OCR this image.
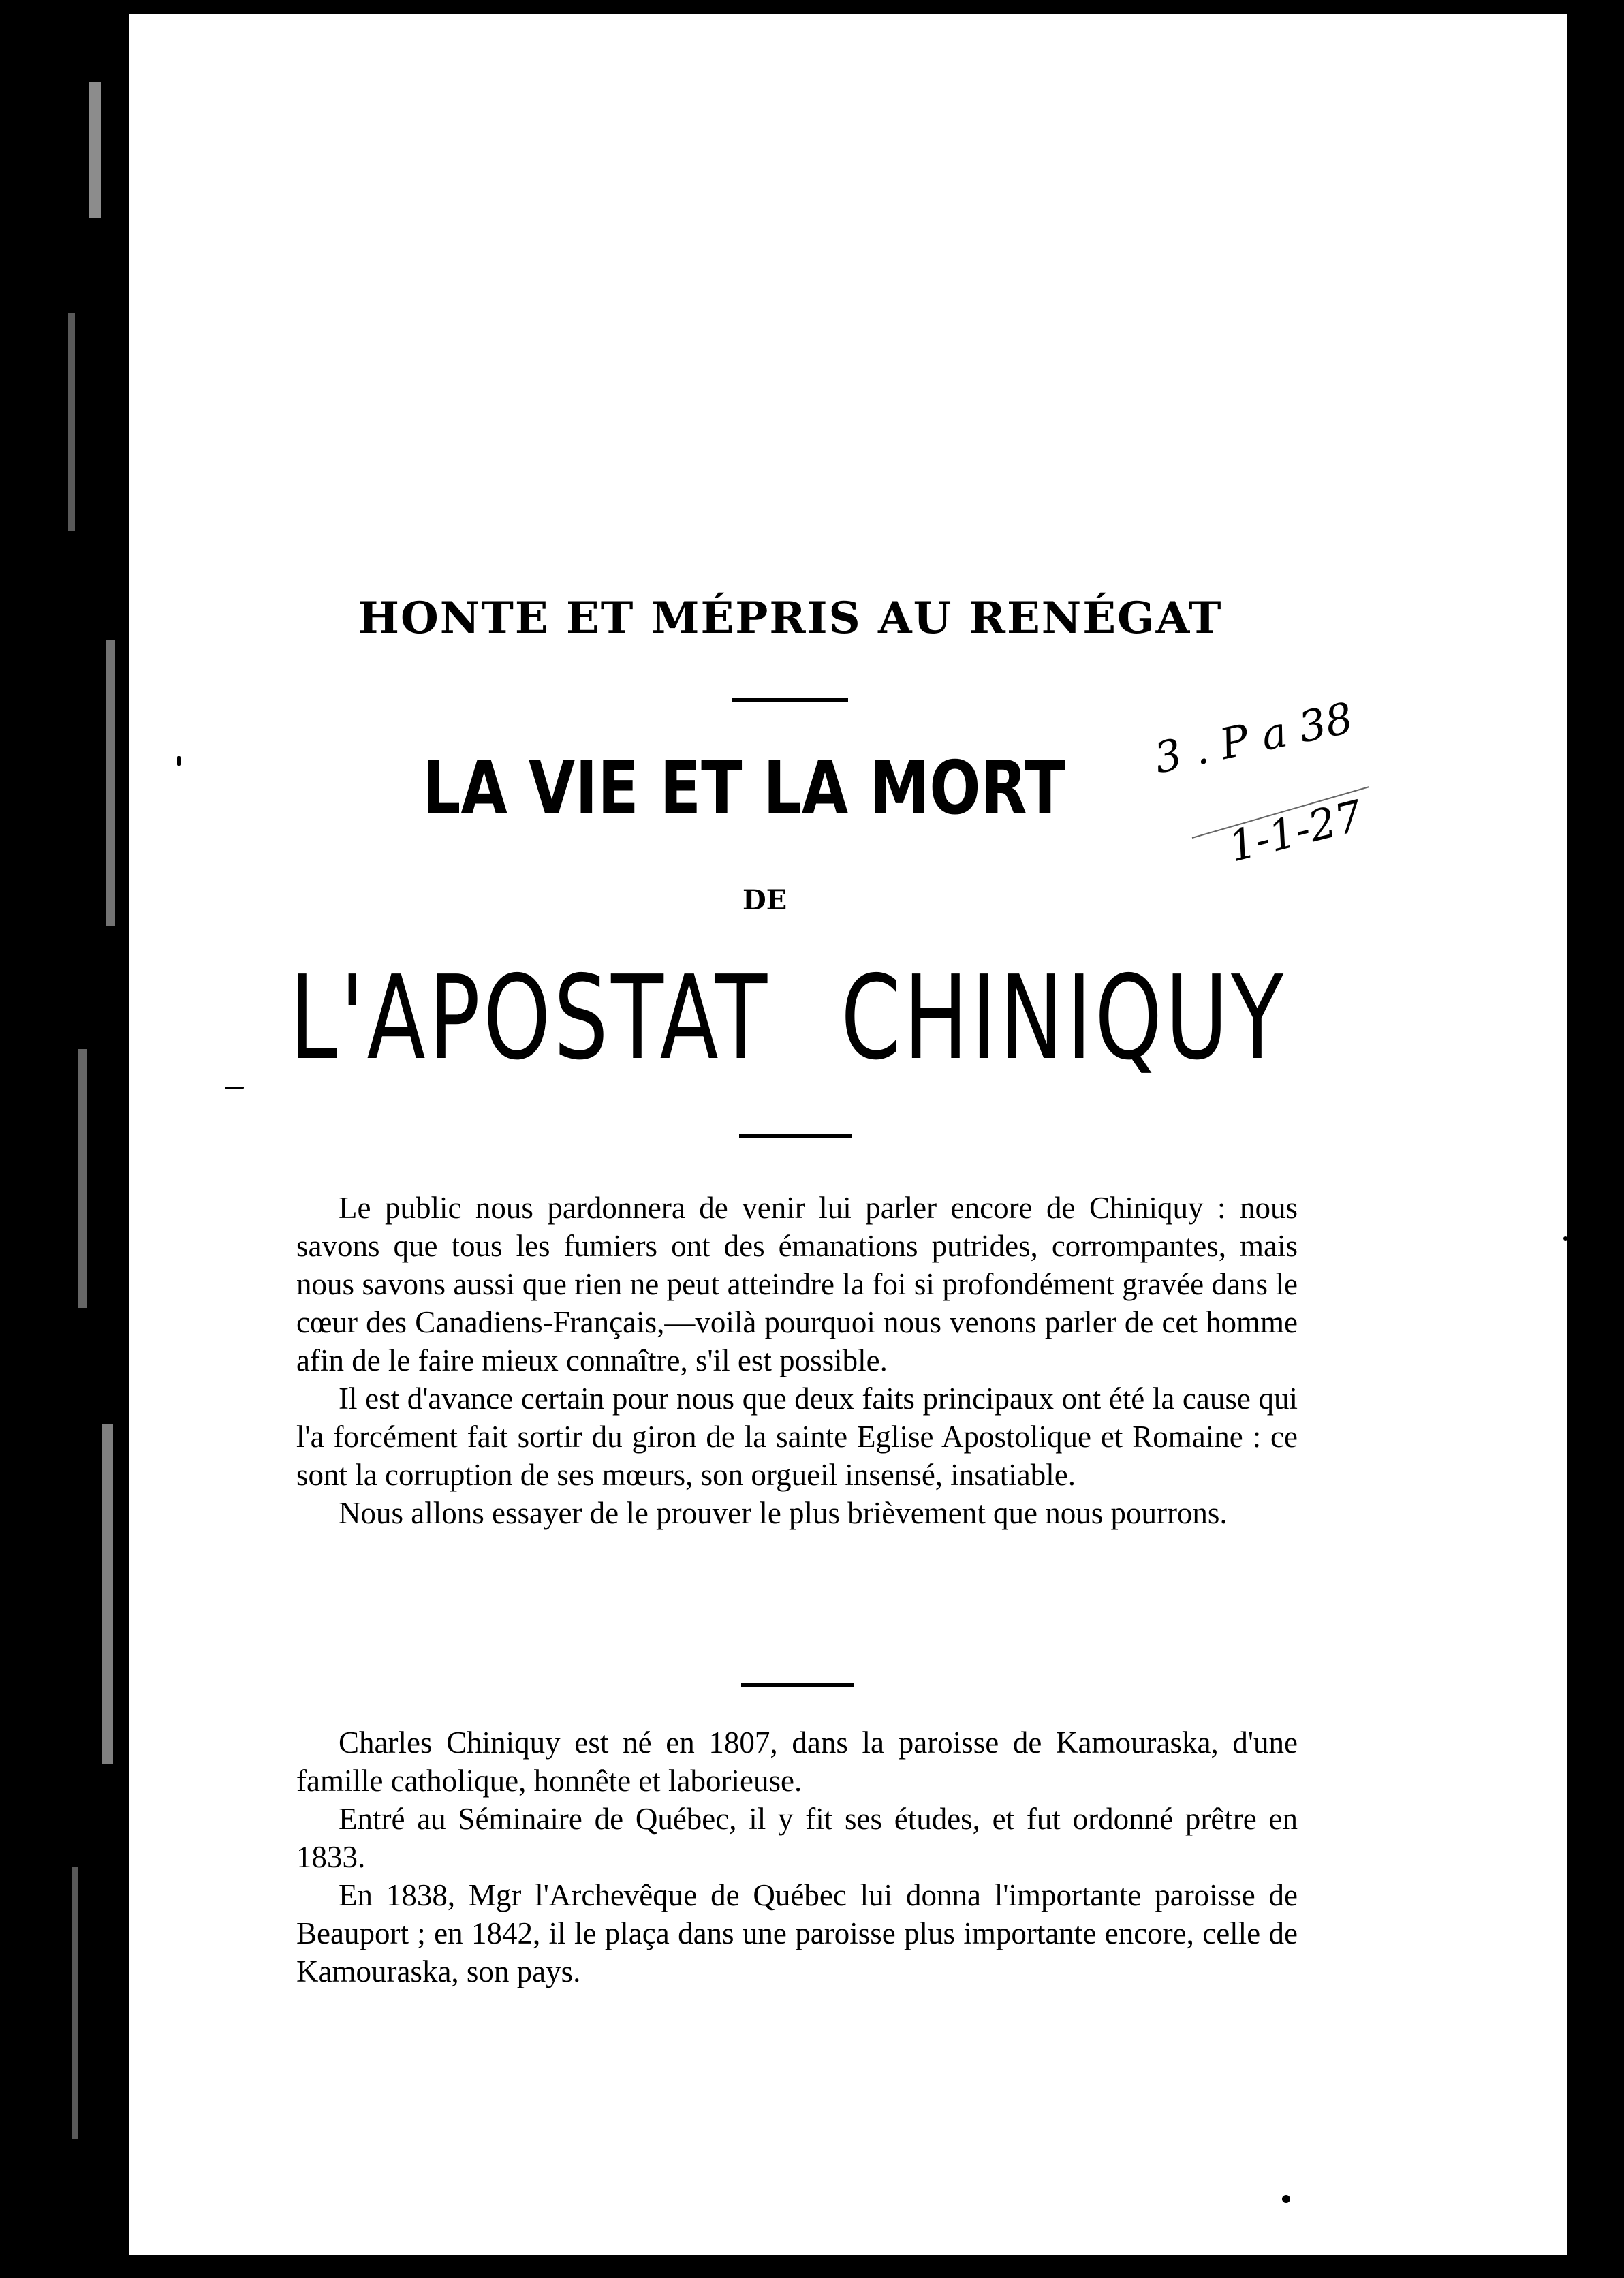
HONTE ET MÉPRIS AU RENÉGAT
LA VIE ET LA MORT
DE
L'APOSTAT CHINIQUY
3 . P a 38
1-1-27

Le public nous pardonnera de venir lui parler encore de Chiniquy : nous savons que tous les fumiers ont des émanations putrides, corrompantes, mais nous savons aussi que rien ne peut atteindre la foi si profondément gravée dans le cœur des Canadiens-Français,—voilà pourquoi nous venons parler de cet homme afin de le faire mieux connaître, s'il est possible.

Il est d'avance certain pour nous que deux faits principaux ont été la cause qui l'a forcément fait sortir du giron de la sainte Eglise Apostolique et Romaine : ce sont la corruption de ses mœurs, son orgueil insensé, insatiable.

Nous allons essayer de le prouver le plus brièvement que nous pourrons.

Charles Chiniquy est né en 1807, dans la paroisse de Kamouraska, d'une famille catholique, honnête et laborieuse.

Entré au Séminaire de Québec, il y fit ses études, et fut ordonné prêtre en 1833.

En 1838, Mgr l'Archevêque de Québec lui donna l'importante paroisse de Beauport ; en 1842, il le plaça dans une paroisse plus importante encore, celle de Kamouraska, son pays.
